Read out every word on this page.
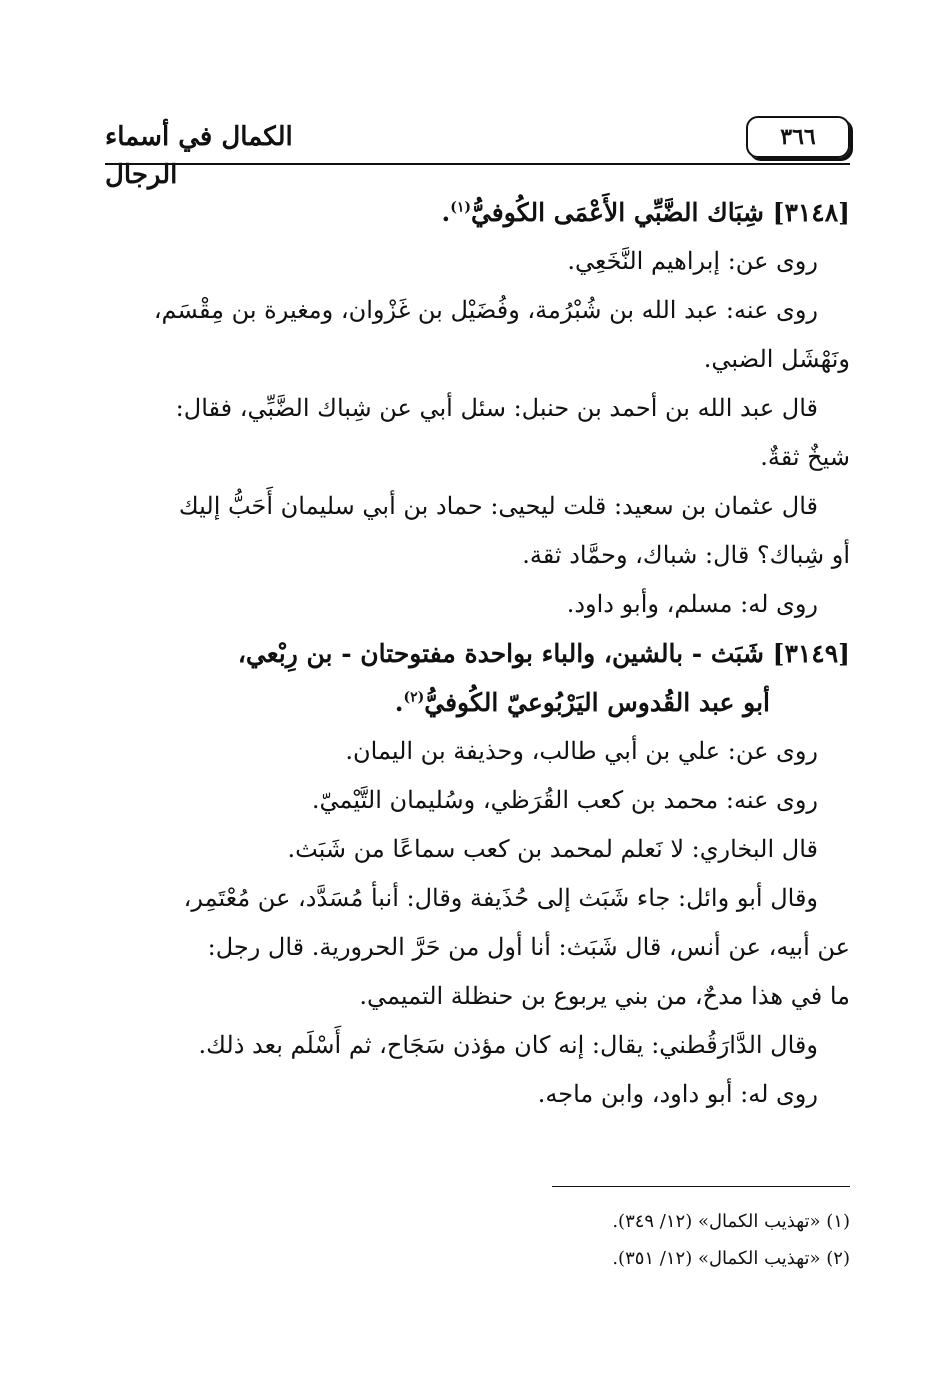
٣٦٦
الكمال في أسماء الرجال
[٣١٤٨] شِبَاك الضَّبِّي الأَعْمَى الكُوفيُّ$^{(١)}$.
روى عن: إبراهيم النَّخَعِي.
روى عنه: عبد الله بن شُبْرُمة، وفُضَيْل بن غَزْوان، ومغيرة بن مِقْسَم،
ونَهْشَل الضبي.
قال عبد الله بن أحمد بن حنبل: سئل أبي عن شِباك الضَّبِّي، فقال:
شيخٌ ثقةٌ.
قال عثمان بن سعيد: قلت ليحيى: حماد بن أبي سليمان أَحَبُّ إليك
أو شِباك؟ قال: شباك، وحمَّاد ثقة.
روى له: مسلم، وأبو داود.
[٣١٤٩] شَبَث - بالشين، والباء بواحدة مفتوحتان - بن رِبْعي،
أبو عبد القُدوس اليَرْبُوعيّ الكُوفيُّ$^{(٢)}$.
روى عن: علي بن أبي طالب، وحذيفة بن اليمان.
روى عنه: محمد بن كعب القُرَظي، وسُليمان التَّيْميّ.
قال البخاري: لا نَعلم لمحمد بن كعب سماعًا من شَبَث.
وقال أبو وائل: جاء شَبَث إلى حُذَيفة وقال: أنبأ مُسَدَّد، عن مُعْتَمِر،
عن أبيه، عن أنس، قال شَبَث: أنا أول من حَرَّ الحرورية. قال رجل:
ما في هذا مدحٌ، من بني يربوع بن حنظلة التميمي.
وقال الدَّارَقُطني: يقال: إنه كان مؤذن سَجَاح، ثم أَسْلَم بعد ذلك.
روى له: أبو داود، وابن ماجه.
(١) «تهذيب الكمال» (١٢/ ٣٤٩).
(٢) «تهذيب الكمال» (١٢/ ٣٥١).
